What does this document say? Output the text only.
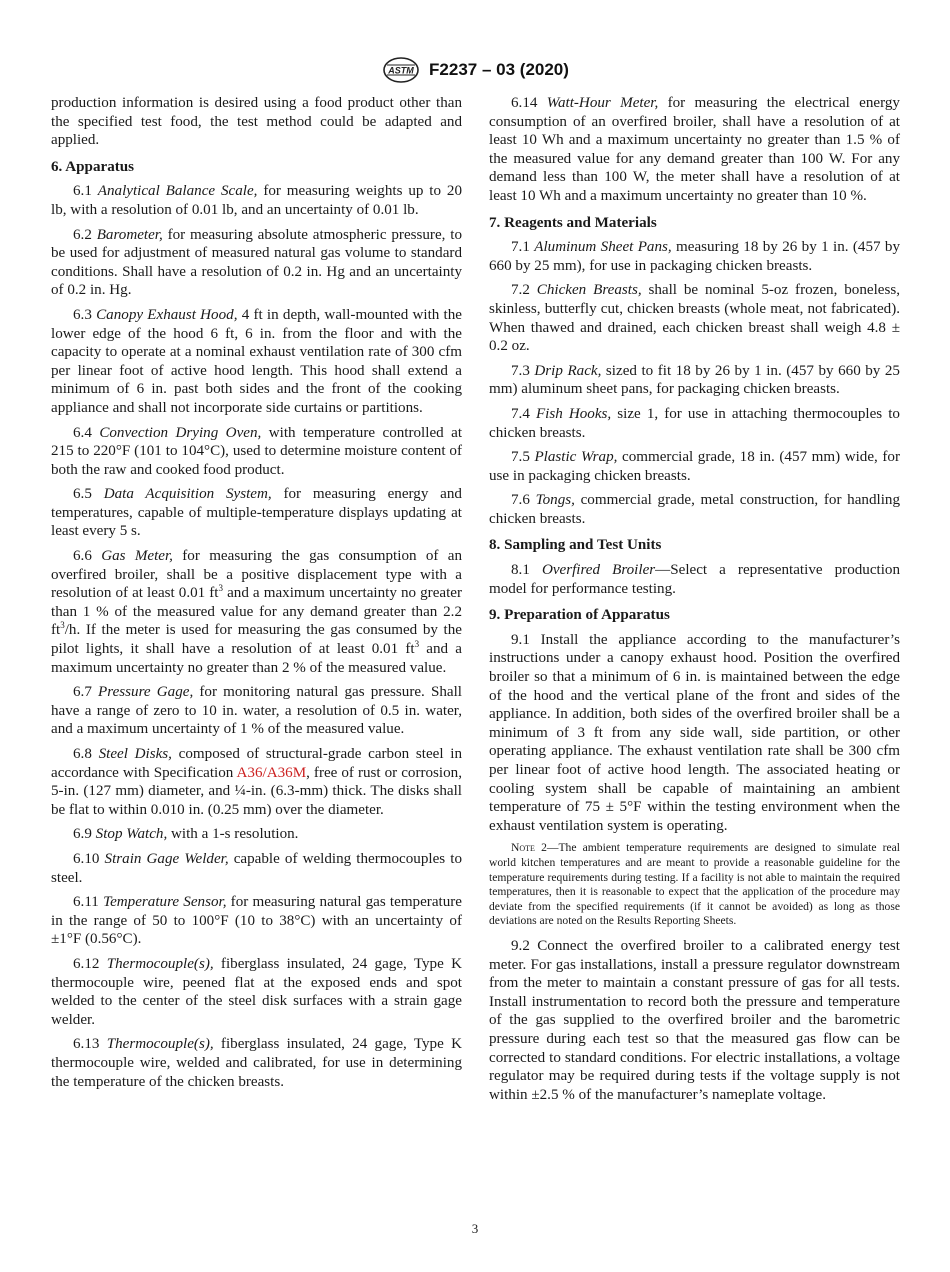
ASTM F2237 – 03 (2020)

production information is desired using a food product other than the specified test food, the test method could be adapted and applied.

6. Apparatus

6.1 Analytical Balance Scale, for measuring weights up to 20 lb, with a resolution of 0.01 lb, and an uncertainty of 0.01 lb.

6.2 Barometer, for measuring absolute atmospheric pressure, to be used for adjustment of measured natural gas volume to standard conditions. Shall have a resolution of 0.2 in. Hg and an uncertainty of 0.2 in. Hg.

6.3 Canopy Exhaust Hood, 4 ft in depth, wall-mounted with the lower edge of the hood 6 ft, 6 in. from the floor and with the capacity to operate at a nominal exhaust ventilation rate of 300 cfm per linear foot of active hood length. This hood shall extend a minimum of 6 in. past both sides and the front of the cooking appliance and shall not incorporate side curtains or partitions.

6.4 Convection Drying Oven, with temperature controlled at 215 to 220°F (101 to 104°C), used to determine moisture content of both the raw and cooked food product.

6.5 Data Acquisition System, for measuring energy and temperatures, capable of multiple-temperature displays updating at least every 5 s.

6.6 Gas Meter, for measuring the gas consumption of an overfired broiler, shall be a positive displacement type with a resolution of at least 0.01 $ft^3$ and a maximum uncertainty no greater than 1 % of the measured value for any demand greater than 2.2 $ft^3/h$. If the meter is used for measuring the gas consumed by the pilot lights, it shall have a resolution of at least 0.01 $ft^3$ and a maximum uncertainty no greater than 2 % of the measured value.

6.7 Pressure Gage, for monitoring natural gas pressure. Shall have a range of zero to 10 in. water, a resolution of 0.5 in. water, and a maximum uncertainty of 1 % of the measured value.

6.8 Steel Disks, composed of structural-grade carbon steel in accordance with Specification A36/A36M, free of rust or corrosion, 5-in. (127 mm) diameter, and ¼-in. (6.3-mm) thick. The disks shall be flat to within 0.010 in. (0.25 mm) over the diameter.

6.9 Stop Watch, with a 1-s resolution.

6.10 Strain Gage Welder, capable of welding thermocouples to steel.

6.11 Temperature Sensor, for measuring natural gas temperature in the range of 50 to 100°F (10 to 38°C) with an uncertainty of ±1°F (0.56°C).

6.12 Thermocouple(s), fiberglass insulated, 24 gage, Type K thermocouple wire, peened flat at the exposed ends and spot welded to the center of the steel disk surfaces with a strain gage welder.

6.13 Thermocouple(s), fiberglass insulated, 24 gage, Type K thermocouple wire, welded and calibrated, for use in determining the temperature of the chicken breasts.

6.14 Watt-Hour Meter, for measuring the electrical energy consumption of an overfired broiler, shall have a resolution of at least 10 Wh and a maximum uncertainty no greater than 1.5 % of the measured value for any demand greater than 100 W. For any demand less than 100 W, the meter shall have a resolution of at least 10 Wh and a maximum uncertainty no greater than 10 %.

7. Reagents and Materials

7.1 Aluminum Sheet Pans, measuring 18 by 26 by 1 in. (457 by 660 by 25 mm), for use in packaging chicken breasts.

7.2 Chicken Breasts, shall be nominal 5-oz frozen, boneless, skinless, butterfly cut, chicken breasts (whole meat, not fabricated). When thawed and drained, each chicken breast shall weigh 4.8 ± 0.2 oz.

7.3 Drip Rack, sized to fit 18 by 26 by 1 in. (457 by 660 by 25 mm) aluminum sheet pans, for packaging chicken breasts.

7.4 Fish Hooks, size 1, for use in attaching thermocouples to chicken breasts.

7.5 Plastic Wrap, commercial grade, 18 in. (457 mm) wide, for use in packaging chicken breasts.

7.6 Tongs, commercial grade, metal construction, for handling chicken breasts.

8. Sampling and Test Units

8.1 Overfired Broiler—Select a representative production model for performance testing.

9. Preparation of Apparatus

9.1 Install the appliance according to the manufacturer’s instructions under a canopy exhaust hood. Position the overfired broiler so that a minimum of 6 in. is maintained between the edge of the hood and the vertical plane of the front and sides of the appliance. In addition, both sides of the overfired broiler shall be a minimum of 3 ft from any side wall, side partition, or other operating appliance. The exhaust ventilation rate shall be 300 cfm per linear foot of active hood length. The associated heating or cooling system shall be capable of maintaining an ambient temperature of 75 ± 5°F within the testing environment when the exhaust ventilation system is operating.

Note 2—The ambient temperature requirements are designed to simulate real world kitchen temperatures and are meant to provide a reasonable guideline for the temperature requirements during testing. If a facility is not able to maintain the required temperatures, then it is reasonable to expect that the application of the procedure may deviate from the specified requirements (if it cannot be avoided) as long as those deviations are noted on the Results Reporting Sheets.

9.2 Connect the overfired broiler to a calibrated energy test meter. For gas installations, install a pressure regulator downstream from the meter to maintain a constant pressure of gas for all tests. Install instrumentation to record both the pressure and temperature of the gas supplied to the overfired broiler and the barometric pressure during each test so that the measured gas flow can be corrected to standard conditions. For electric installations, a voltage regulator may be required during tests if the voltage supply is not within ±2.5 % of the manufacturer’s nameplate voltage.

3
